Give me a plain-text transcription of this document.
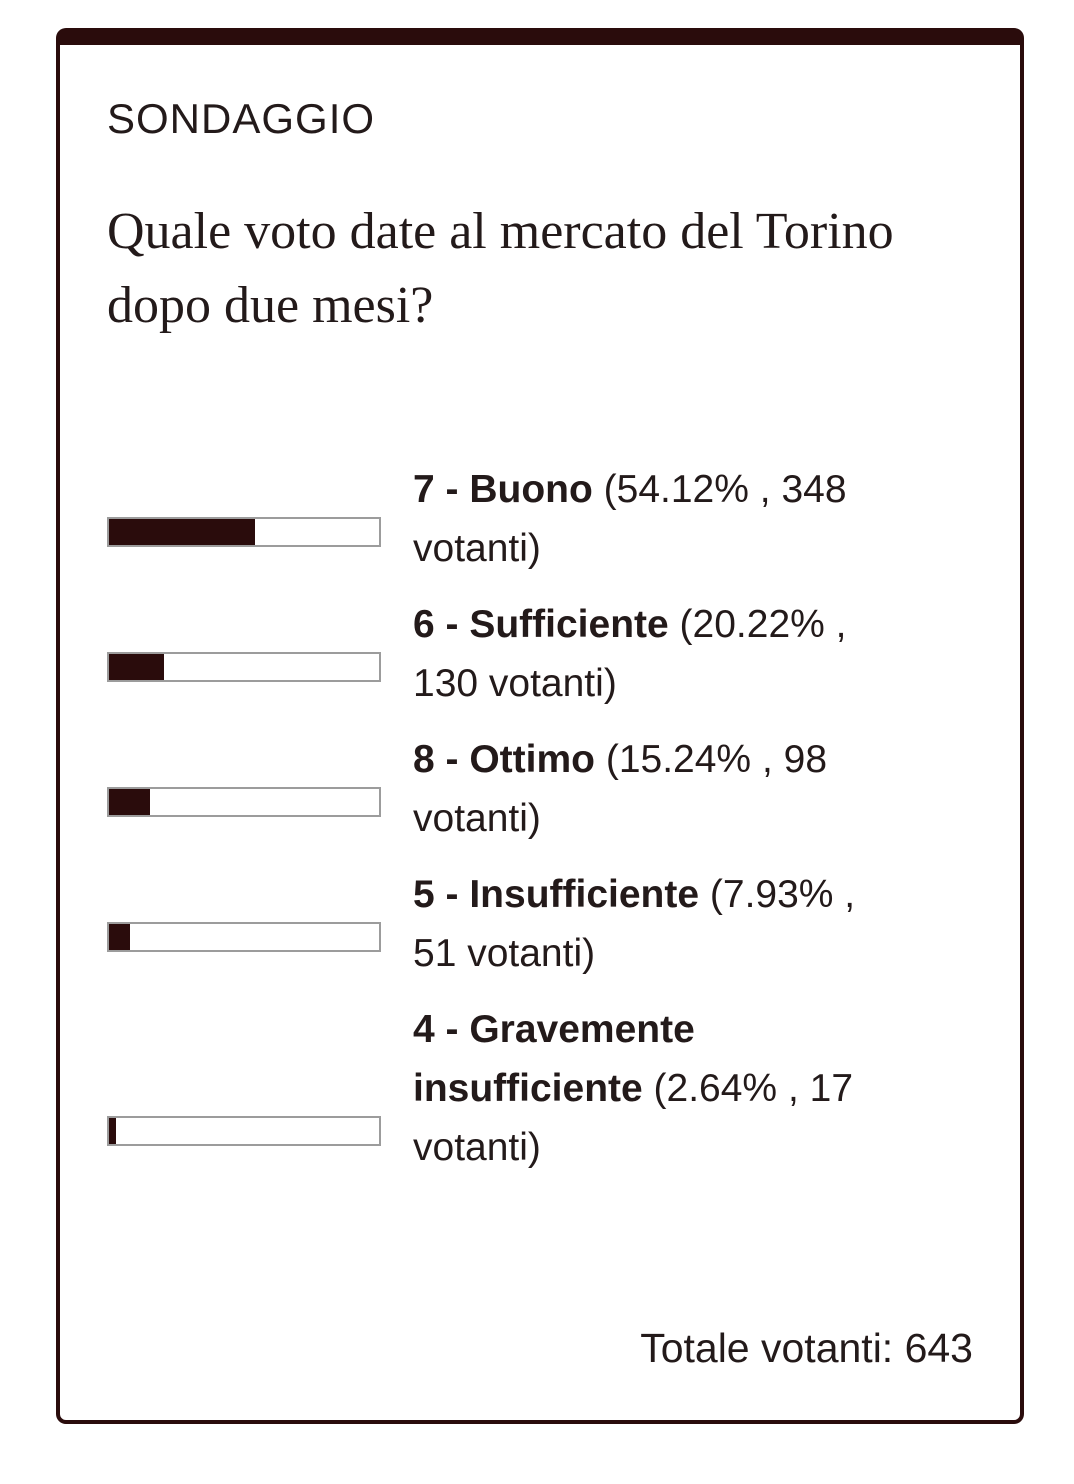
SONDAGGIO
Quale voto date al mercato del Torino dopo due mesi?
7 - Buono (54.12% , 348 votanti)
6 - Sufficiente (20.22% , 130 votanti)
8 - Ottimo (15.24% , 98 votanti)
5 - Insufficiente (7.93% , 51 votanti)
4 - Gravemente insufficiente (2.64% , 17 votanti)
Totale votanti: 643
